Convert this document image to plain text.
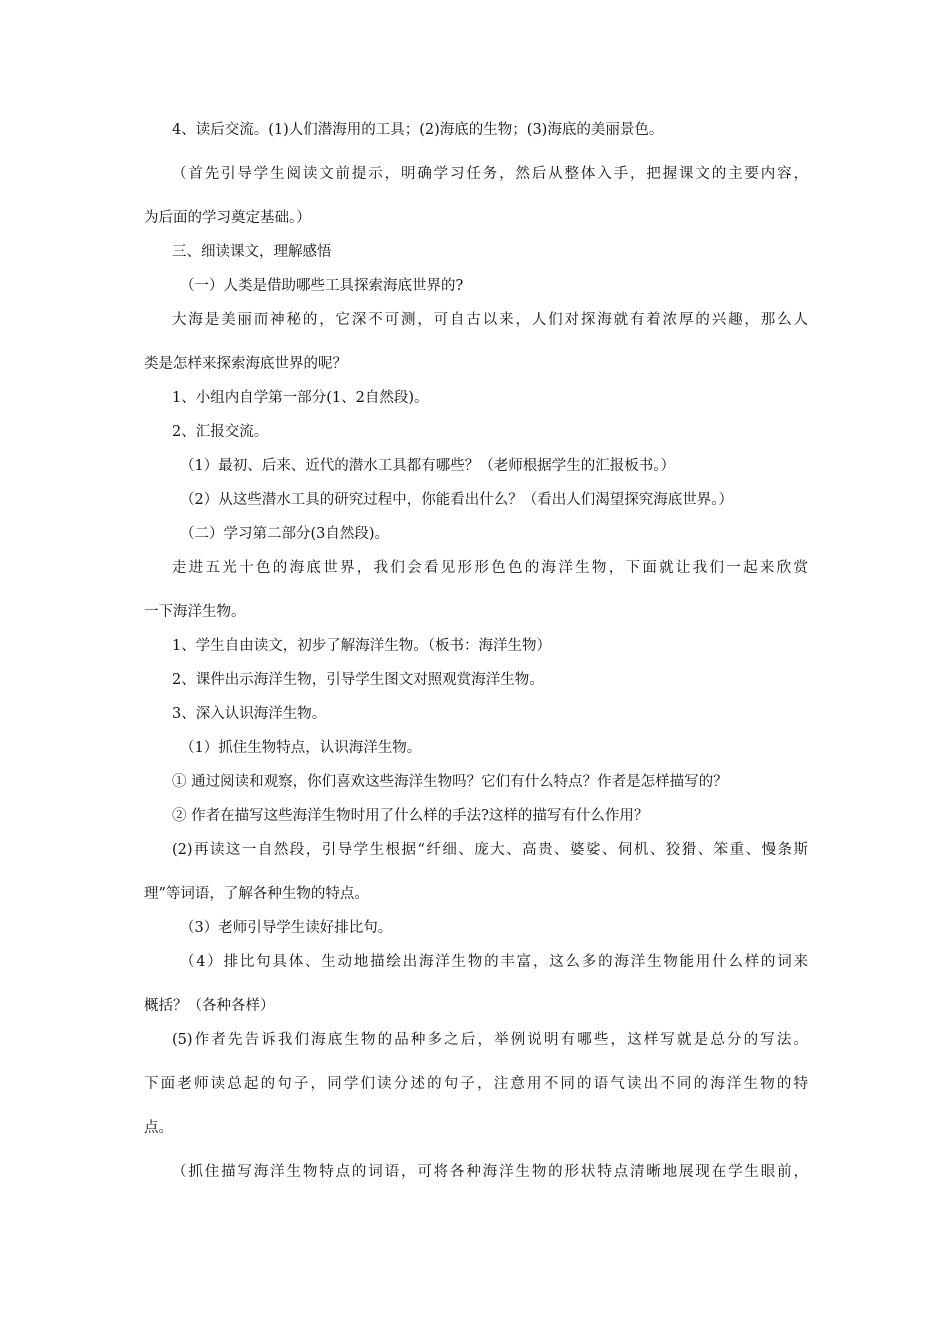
4、读后交流。(1)人们潜海用的工具；(2)海底的生物；(3)海底的美丽景色。
（首先引导学生阅读文前提示，明确学习任务，然后从整体入手，把握课文的主要内容，
为后面的学习奠定基础。）
三、细读课文，理解感悟
（一）人类是借助哪些工具探索海底世界的?
大海是美丽而神秘的，它深不可测，可自古以来，人们对探海就有着浓厚的兴趣，那么人
类是怎样来探索海底世界的呢？
1、小组内自学第一部分(1、2自然段)。
2、汇报交流。
（1）最初、后来、近代的潜水工具都有哪些？（老师根据学生的汇报板书。）
（2）从这些潜水工具的研究过程中，你能看出什么？（看出人们渴望探究海底世界。）
（二）学习第二部分(3自然段)。
走进五光十色的海底世界，我们会看见形形色色的海洋生物，下面就让我们一起来欣赏
一下海洋生物。
1、学生自由读文，初步了解海洋生物。（板书：海洋生物）
2、课件出示海洋生物，引导学生图文对照观赏海洋生物。
3、深入认识海洋生物。
（1）抓住生物特点，认识海洋生物。
① 通过阅读和观察，你们喜欢这些海洋生物吗？它们有什么特点？作者是怎样描写的？
② 作者在描写这些海洋生物时用了什么样的手法?这样的描写有什么作用？
(2)再读这一自然段，引导学生根据“纤细、庞大、高贵、婆娑、伺机、狡猾、笨重、慢条斯
理”等词语，了解各种生物的特点。
（3）老师引导学生读好排比句。
（4）排比句具体、生动地描绘出海洋生物的丰富，这么多的海洋生物能用什么样的词来
概括？（各种各样）
(5)作者先告诉我们海底生物的品种多之后，举例说明有哪些，这样写就是总分的写法。
下面老师读总起的句子，同学们读分述的句子，注意用不同的语气读出不同的海洋生物的特
点。
（抓住描写海洋生物特点的词语，可将各种海洋生物的形状特点清晰地展现在学生眼前，
